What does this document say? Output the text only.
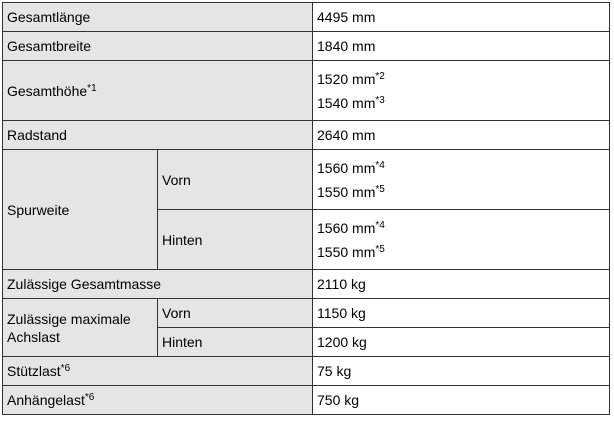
Gesamtlänge		4495 mm
Gesamtbreite		1840 mm
Gesamthöhe$^{*1}$		1520 $mm^{*2}$
1540 $mm^{*3}$

Radstand		2640 mm
Spurweite	Vorn	1560 $mm^{*4}$
1550 $mm^{*5}$

	Hinten	1560 $mm^{*4}$
1550 $mm^{*5}$

Zulässige Gesamtmasse		2110 kg
Zulässige maximale Achslast	Vorn	1150 kg
	Hinten	1200 kg
Stützlast$^{*6}$		75 kg
Anhängelast$^{*6}$		750 kg
